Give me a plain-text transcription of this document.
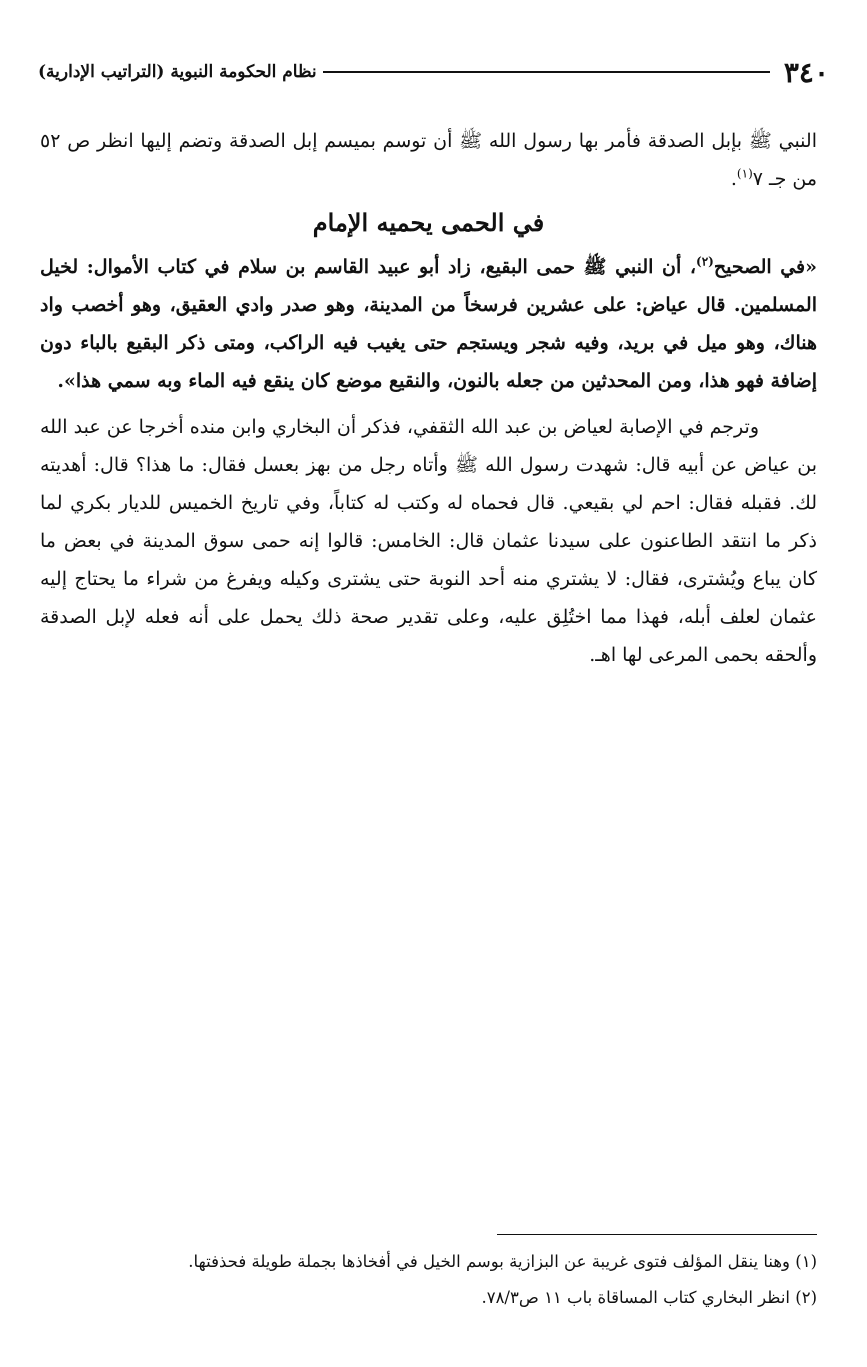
٣٤٠
نظام الحكومة النبوية (التراتيب الإدارية)

النبي ﷺ بإبل الصدقة فأمر بها رسول الله ﷺ أن توسم بميسم إبل الصدقة وتضم إليها انظر ص ٥٢ من جـ ٧$^{(١)}$.

في الحمى يحميه الإمام

«في الصحيح$^{(٢)}$، أن النبي ﷺ حمى البقيع، زاد أبو عبيد القاسم بن سلام في كتاب الأموال: لخيل المسلمين. قال عياض: على عشرين فرسخاً من المدينة، وهو صدر وادي العقيق، وهو أخصب واد هناك، وهو ميل في بريد، وفيه شجر ويستجم حتى يغيب فيه الراكب، ومتى ذكر البقيع بالباء دون إضافة فهو هذا، ومن المحدثين من جعله بالنون، والنقيع موضع كان ينقع فيه الماء وبه سمي هذا».

وترجم في الإصابة لعياض بن عبد الله الثقفي، فذكر أن البخاري وابن منده أخرجا عن عبد الله بن عياض عن أبيه قال: شهدت رسول الله ﷺ وأتاه رجل من بهز بعسل فقال: ما هذا؟ قال: أهديته لك. فقبله فقال: احم لي بقيعي. قال فحماه له وكتب له كتاباً، وفي تاريخ الخميس للديار بكري لما ذكر ما انتقد الطاعنون على سيدنا عثمان قال: الخامس: قالوا إنه حمى سوق المدينة في بعض ما كان يباع ويُشترى، فقال: لا يشتري منه أحد النوبة حتى يشترى وكيله ويفرغ من شراء ما يحتاج إليه عثمان لعلف أبله، فهذا مما اختُلِق عليه، وعلى تقدير صحة ذلك يحمل على أنه فعله لإبل الصدقة وألحقه بحمى المرعى لها اهـ.

(١) وهنا ينقل المؤلف فتوى غريبة عن البزازية بوسم الخيل في أفخاذها بجملة طويلة فحذفتها.

(٢) انظر البخاري كتاب المساقاة باب ١١ ص٧٨/٣.
